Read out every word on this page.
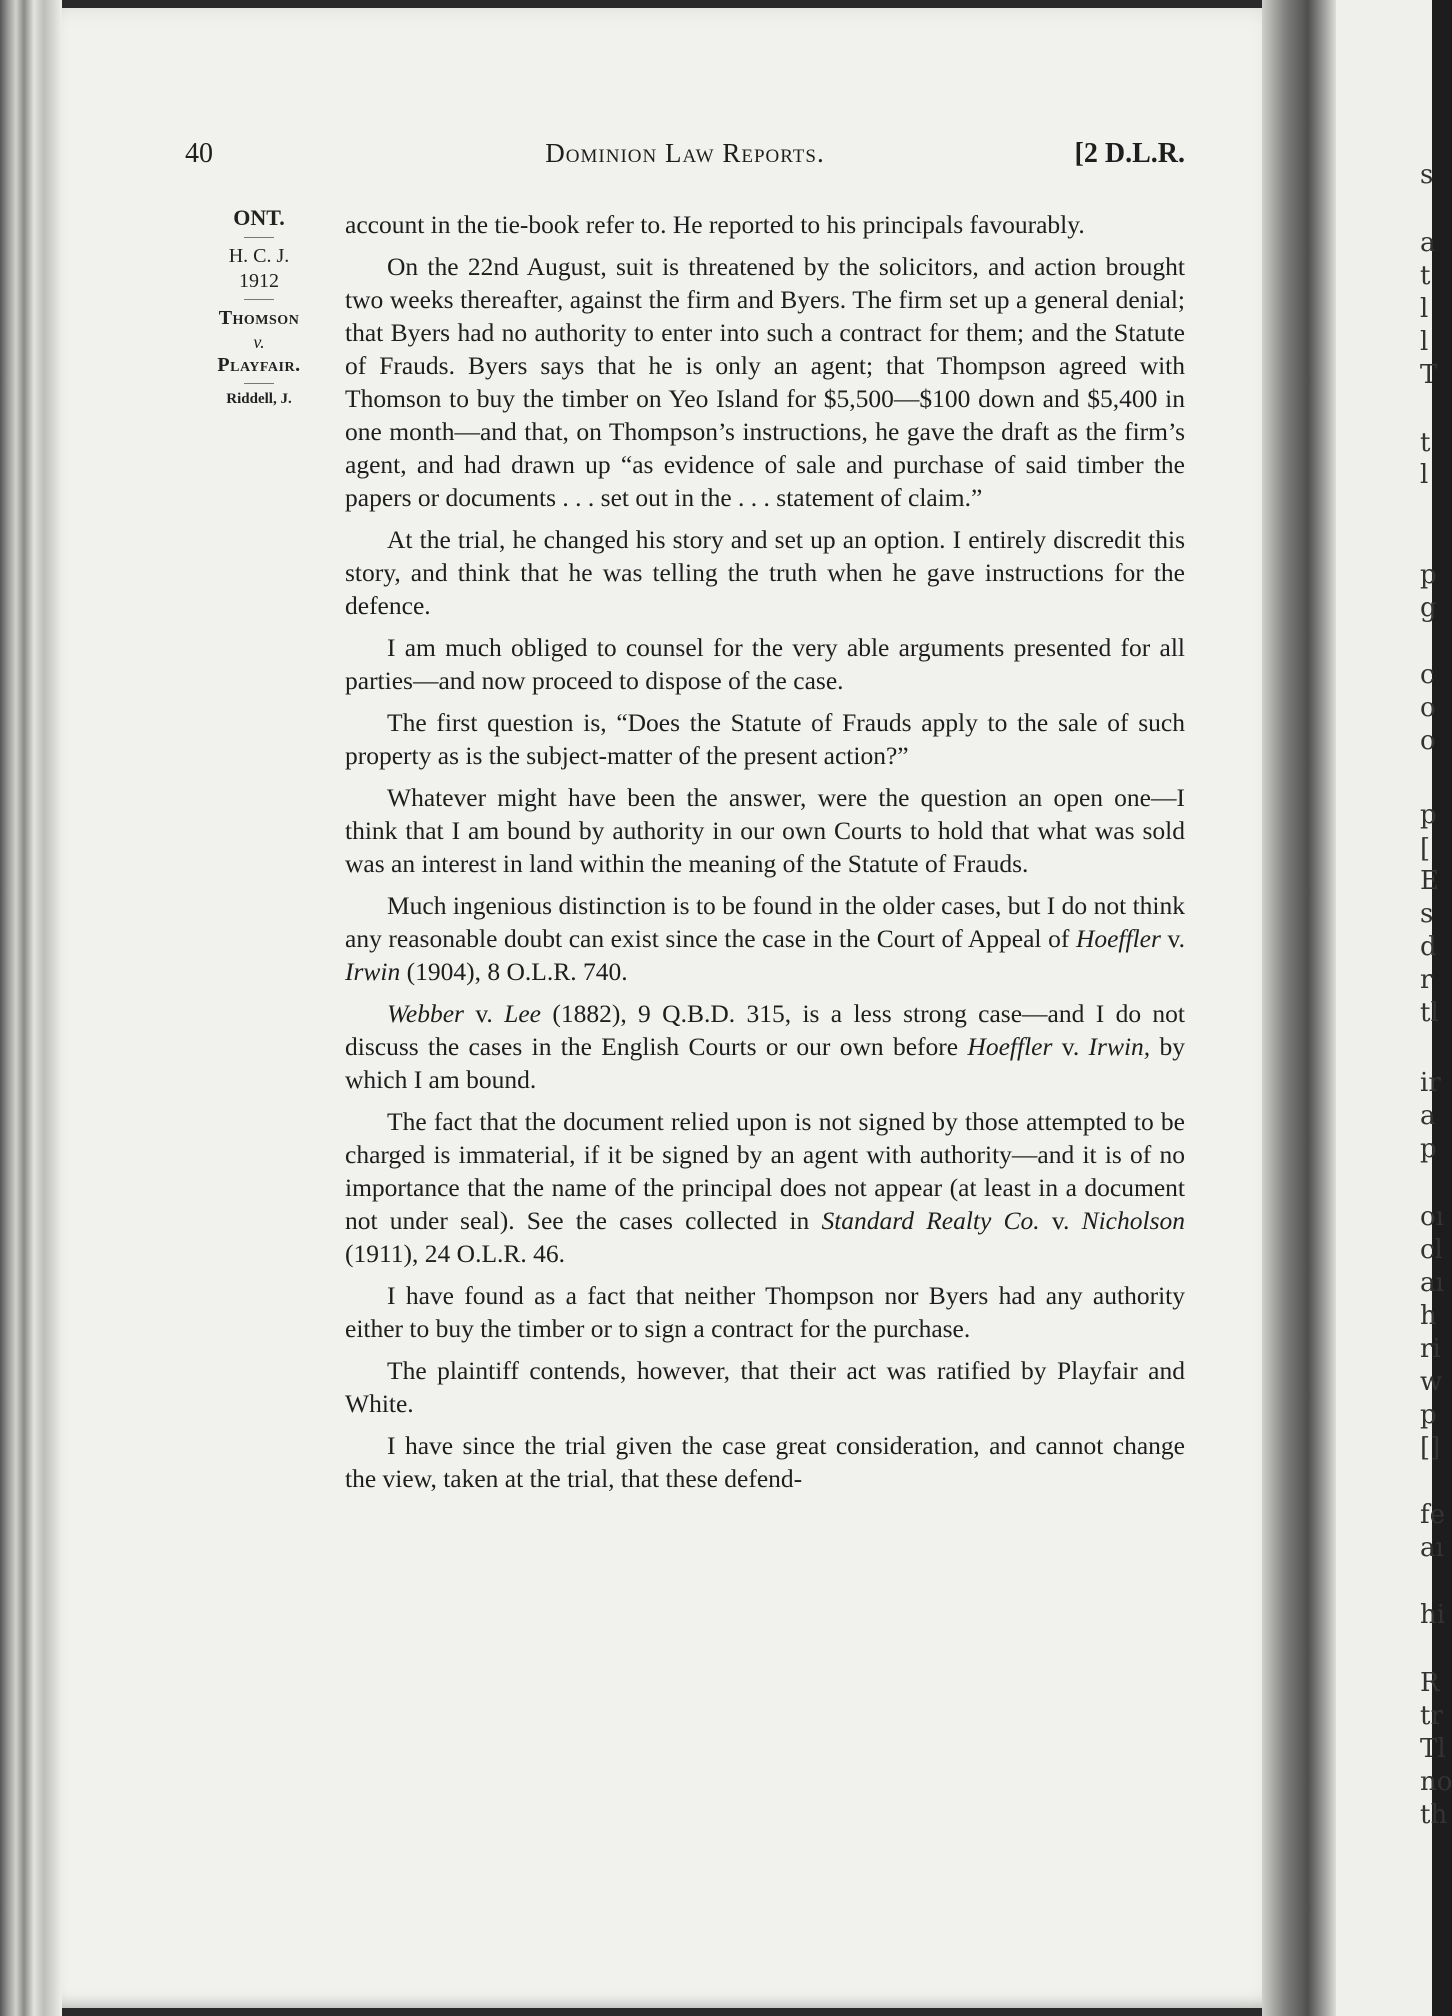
40	Dominion Law Reports.	[2 D.L.R.
ONT.
H. C. J.
1912
Thomson
v.
Playfair.
Riddell, J.

account in the tie-book refer to. He reported to his principals favourably.

On the 22nd August, suit is threatened by the solicitors, and action brought two weeks thereafter, against the firm and Byers. The firm set up a general denial; that Byers had no authority to enter into such a contract for them; and the Statute of Frauds. Byers says that he is only an agent; that Thompson agreed with Thomson to buy the timber on Yeo Island for $5,500—$100 down and $5,400 in one month—and that, on Thompson’s instructions, he gave the draft as the firm’s agent, and had drawn up “as evidence of sale and purchase of said timber the papers or documents . . . set out in the . . . statement of claim.”

At the trial, he changed his story and set up an option. I entirely discredit this story, and think that he was telling the truth when he gave instructions for the defence.

I am much obliged to counsel for the very able arguments presented for all parties—and now proceed to dispose of the case.

The first question is, “Does the Statute of Frauds apply to the sale of such property as is the subject-matter of the present action?”

Whatever might have been the answer, were the question an open one—I think that I am bound by authority in our own Courts to hold that what was sold was an interest in land within the meaning of the Statute of Frauds.

Much ingenious distinction is to be found in the older cases, but I do not think any reasonable doubt can exist since the case in the Court of Appeal of Hoeffler v. Irwin (1904), 8 O.L.R. 740.

Webber v. Lee (1882), 9 Q.B.D. 315, is a less strong case—and I do not discuss the cases in the English Courts or our own before Hoeffler v. Irwin, by which I am bound.

The fact that the document relied upon is not signed by those attempted to be charged is immaterial, if it be signed by an agent with authority—and it is of no importance that the name of the principal does not appear (at least in a document not under seal). See the cases collected in Standard Realty Co. v. Nicholson (1911), 24 O.L.R. 46.

I have found as a fact that neither Thompson nor Byers had any authority either to buy the timber or to sign a contract for the purchase.

The plaintiff contends, however, that their act was ratified by Playfair and White.

I have since the trial given the case great consideration, and cannot change the view, taken at the trial, that these defend-

s
a
t
l
l
T
t
l
p
g
c
o
o
p
[
E
s
d
r
tl
ir
a
p
oı
cl
aı
h
ri
w
p
[]
fe
aı
hi
R
tr
Tl
no
th
